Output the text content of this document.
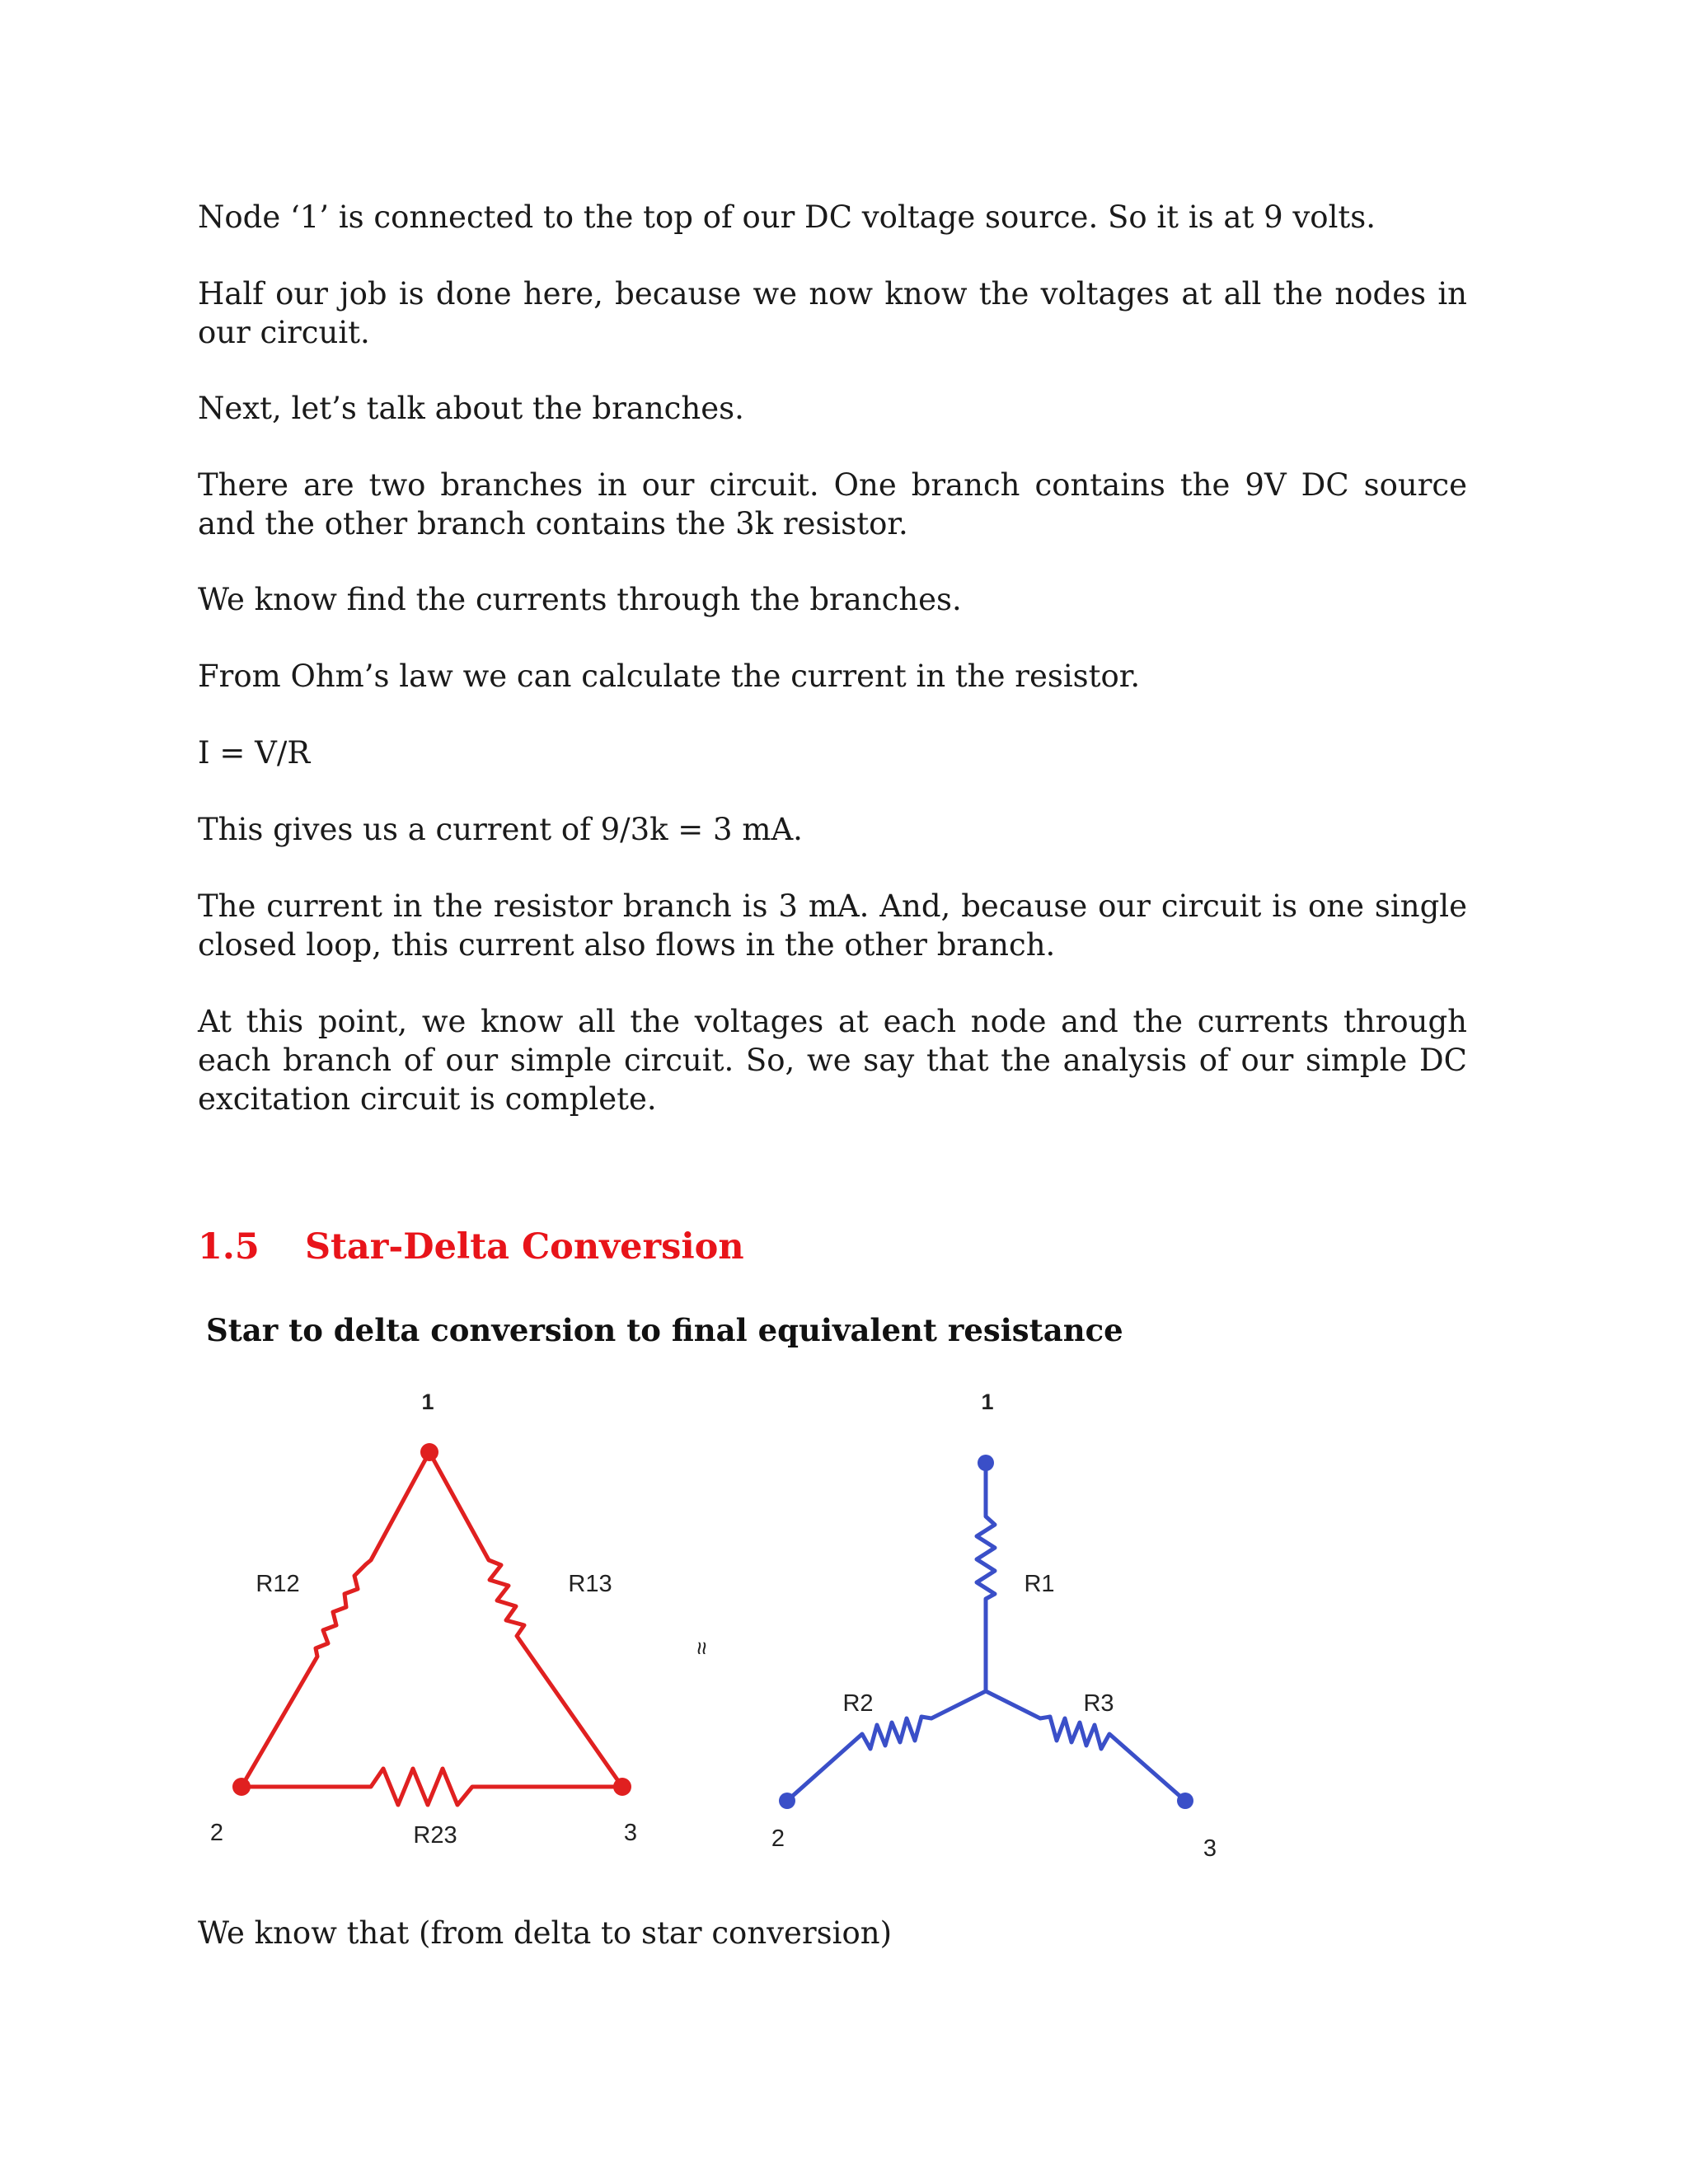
Node ‘1’ is connected to the top of our DC voltage source. So it is at 9 volts.

Half our job is done here, because we now know the voltages at all the nodes in our circuit.

Next, let’s talk about the branches.

There are two branches in our circuit. One branch contains the 9V DC source and the other branch contains the 3k resistor.

We know find the currents through the branches.

From Ohm’s law we can calculate the current in the resistor.

I = V/R

This gives us a current of 9/3k = 3 mA.

The current in the resistor branch is 3 mA. And, because our circuit is one single closed loop, this current also flows in the other branch.

At this point, we know all the voltages at each node and the currents through each branch of our simple circuit. So, we say that the analysis of our simple DC excitation circuit is complete.

1.5 Star-Delta Conversion
Star to delta conversion to final equivalent resistance
1
2	3
R12	R13
R23
≈
1
2	3
R1
R2	R3

We know that (from delta to star conversion)
